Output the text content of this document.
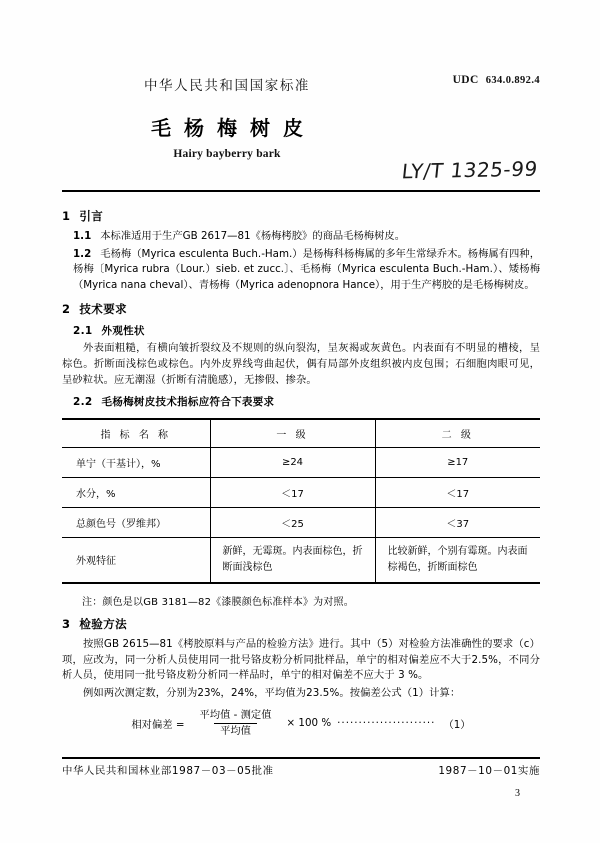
中华人民共和国国家标准	UDC 634.0.892.4
毛杨梅树皮
Hairy bayberry bark
LY/T 1325-99
1 引言

1.1 本标准适用于生产GB 2617—81《杨梅栲胶》的商品毛杨梅树皮。

1.2 毛杨梅（Myrica esculenta Buch.-Ham.）是杨梅科杨梅属的多年生常绿乔木。杨梅属有四种，杨梅〔Myrica rubra（Lour.）sieb. et zucc.〕、毛杨梅（Myrica esculenta Buch.-Ham.）、矮杨梅（Myrica nana cheval）、青杨梅（Myrica adenopnora Hance），用于生产栲胶的是毛杨梅树皮。

2 技术要求
2.1 外观性状

外表面粗糙，有横向皱折裂纹及不规则的纵向裂沟，呈灰褐或灰黄色。内表面有不明显的槽棱，呈棕色。折断面浅棕色或棕色。内外皮界线弯曲起伏，偶有局部外皮组织被内皮包围；石细胞肉眼可见，呈砂粒状。应无潮湿（折断有清脆感），无掺假、掺杂。

2.2 毛杨梅树皮技术指标应符合下表要求
指 标 名 称	一 级	二 级
单宁（干基计），%	≥24	≥17
水分，%	＜17	＜17
总颜色号（罗维邦）	＜25	＜37
外观特征	新鲜，无霉斑。内表面棕色，折断面浅棕色	比较新鲜，个别有霉斑。内表面棕褐色，折断面棕色
注：颜色是以GB 3181—82《漆膜颜色标准样本》为对照。
3 检验方法

按照GB 2615—81《栲胶原料与产品的检验方法》进行。其中（5）对检验方法准确性的要求（c）项，应改为，同一分析人员使用同一批号铬皮粉分析同批样品，单宁的相对偏差应不大于2.5%，不同分析人员，使用同一批号铬皮粉分析同一样品时，单宁的相对偏差不应大于 3 %。

例如两次测定数，分别为23%，24%，平均值为23.5%。按偏差公式（1）计算：

相对偏差 = $\frac{\text{平均值 - 测定值}}{\text{平均值}} \times 100$ % ······················· （1）
中华人民共和国林业部1987－03－05批准	1987－10－01实施
3
